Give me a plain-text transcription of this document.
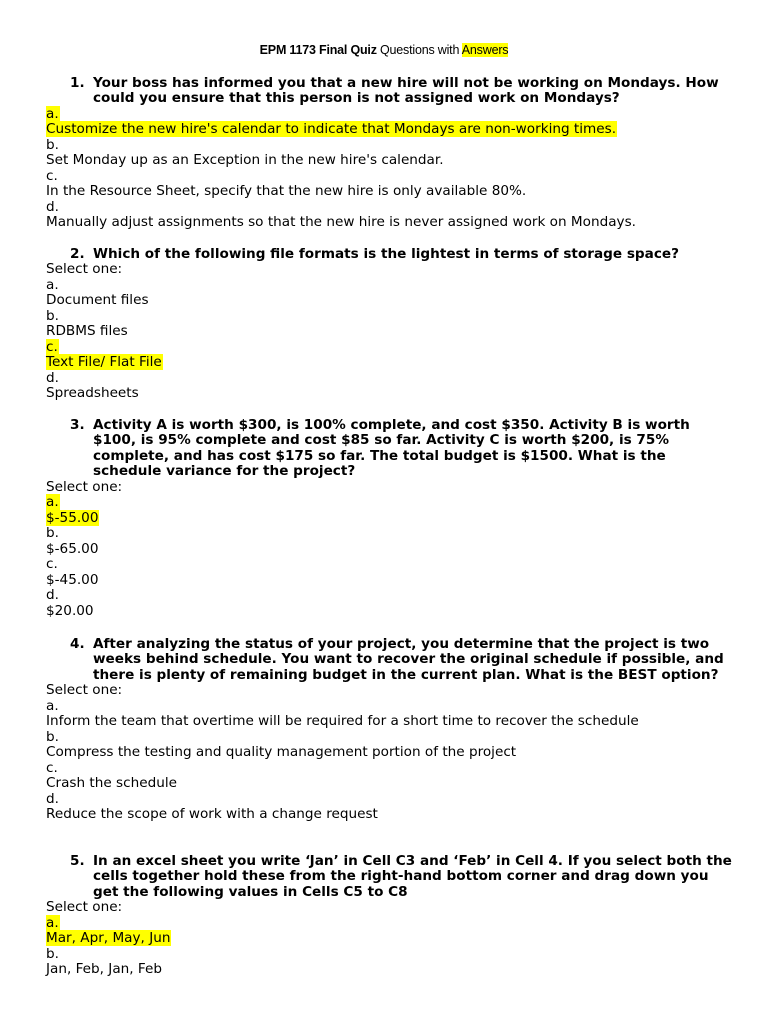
EPM 1173 Final Quiz Questions with Answers
1. Your boss has informed you that a new hire will not be working on Mondays. How could you ensure that this person is not assigned work on Mondays?
a.
Customize the new hire's calendar to indicate that Mondays are non-working times.
b.
Set Monday up as an Exception in the new hire's calendar.
c.
In the Resource Sheet, specify that the new hire is only available 80%.
d.
Manually adjust assignments so that the new hire is never assigned work on Mondays.
2. Which of the following file formats is the lightest in terms of storage space?
Select one:
a.
Document files
b.
RDBMS files
c.
Text File/ Flat File
d.
Spreadsheets
3. Activity A is worth $300, is 100% complete, and cost $350. Activity B is worth $100, is 95% complete and cost $85 so far. Activity C is worth $200, is 75% complete, and has cost $175 so far. The total budget is $1500. What is the schedule variance for the project?
Select one:
a.
$-55.00
b.
$-65.00
c.
$-45.00
d.
$20.00
4. After analyzing the status of your project, you determine that the project is two weeks behind schedule. You want to recover the original schedule if possible, and there is plenty of remaining budget in the current plan. What is the BEST option?
Select one:
a.
Inform the team that overtime will be required for a short time to recover the schedule
b.
Compress the testing and quality management portion of the project
c.
Crash the schedule
d.
Reduce the scope of work with a change request
5. In an excel sheet you write ‘Jan’ in Cell C3 and ‘Feb’ in Cell 4. If you select both the cells together hold these from the right-hand bottom corner and drag down you get the following values in Cells C5 to C8
Select one:
a.
Mar, Apr, May, Jun
b.
Jan, Feb, Jan, Feb
